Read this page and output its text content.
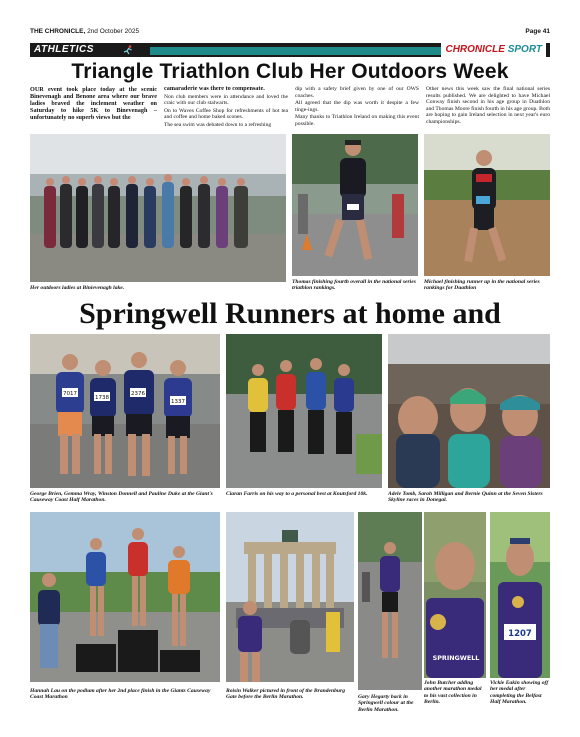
THE CHRONICLE, 2nd October 2025	Page 41
ATHLETICS	CHRONICLE SPORT
Triangle Triathlon Club Her Outdoors Week

OUR event took place today at the scenic Binevenagh and Benone area where our brave ladies braved the inclement weather on Saturday to hike 5K to Binevenagh – unfortunately no superb views but the

camaraderie was there to compensate.

Non club members were in attendance and loved the craic with our club stalwarts.

On to Waves Coffee Shop for refreshments of hot tea and coffee and home baked scones.

The sea swim was debated down to a refreshing

dip with a safety brief given by one of our OWS coaches.

All agreed that the dip was worth it despite a few tinge-ings.

Many thanks to Triathlon Ireland on making this event possible.

Other news this week saw the final national series results published. We are delighted to have Michael Conway finish second in his age group in Duathlon and Thomas Moore finish fourth in his age group. Both are hoping to gain Ireland selection in next year's euro championships.

Her outdoors ladies at Binievenagh lake.
Thomas finishing fourth overall in the national series triathlon rankings.
Michael finishing runner up in the national series rankings for Duathlon
Springwell Runners at home and
7017
1738
2376
1337
George Brien, Gemma Wray, Winston Donnell and Pauline Duke at the Giant's Causeway Coast Half Marathon.
Ciaran Farris on his way to a personal best at Knutsford 10k.	Adele Tomb, Sarah Milligan and Bernie Quinn at the Seven Sisters Skyline races in Donegal.
Hannah Lau on the podium after her 2nd place finish in the Giants Causeway Coast Marathon
Roisin Walker pictured in front of the Brandenburg Gate before the Berlin Marathon.	Gary Hegarty back in Springwell colour at the Berlin Marathon.
SPRINGWELL
John Butcher adding another marathon medal to his vast collection in Berlin.
1207
Vickie Eakin showing off her medal after completing the Belfast Half Marathon.
